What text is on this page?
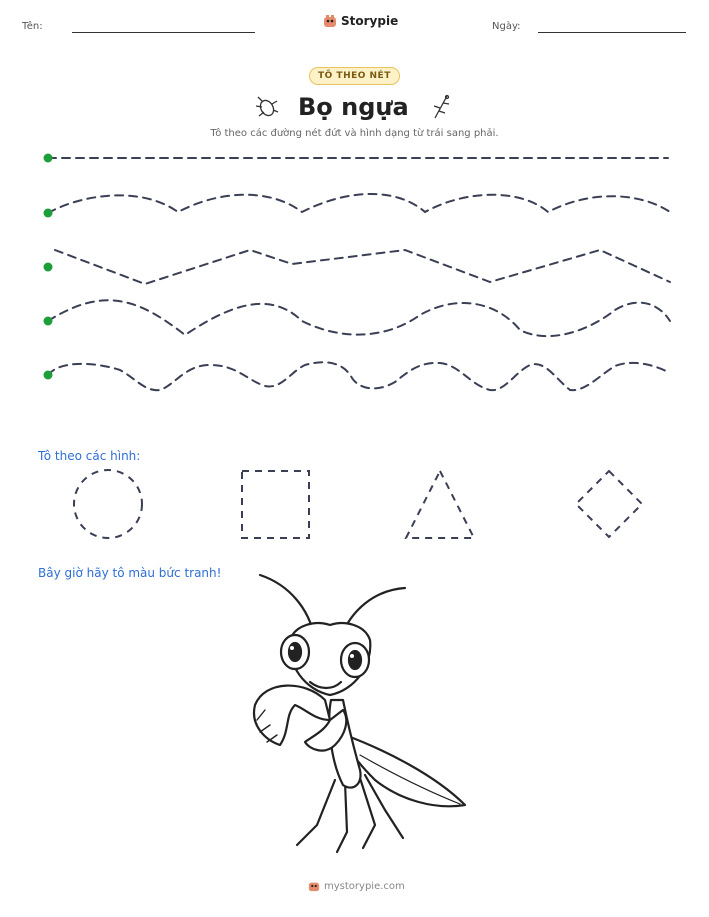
Tên:	Storypie	Ngày:
TÔ THEO NÉT
Bọ ngựa
Tô theo các đường nét đứt và hình dạng từ trái sang phải.
Tô theo các hình:
Bây giờ hãy tô màu bức tranh!
mystorypie.com
